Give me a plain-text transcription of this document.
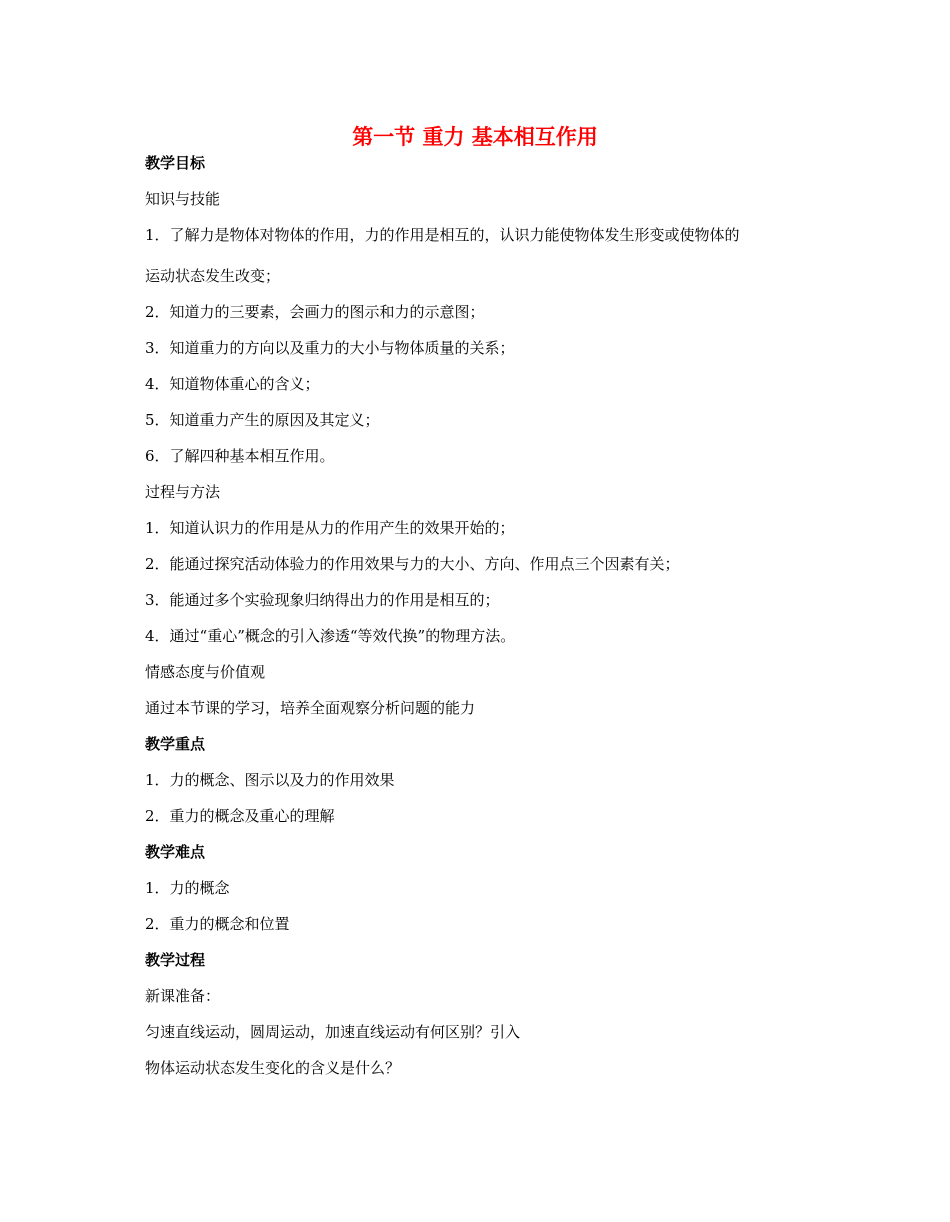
第一节 重力 基本相互作用
教学目标
知识与技能
1．了解力是物体对物体的作用，力的作用是相互的，认识力能使物体发生形变或使物体的
运动状态发生改变；
2．知道力的三要素，会画力的图示和力的示意图；
3．知道重力的方向以及重力的大小与物体质量的关系；
4．知道物体重心的含义；
5．知道重力产生的原因及其定义；
6．了解四种基本相互作用。
过程与方法
1．知道认识力的作用是从力的作用产生的效果开始的；
2．能通过探究活动体验力的作用效果与力的大小、方向、作用点三个因素有关；
3．能通过多个实验现象归纳得出力的作用是相互的；
4．通过“重心”概念的引入渗透“等效代换”的物理方法。
情感态度与价值观
通过本节课的学习，培养全面观察分析问题的能力
教学重点
1．力的概念、图示以及力的作用效果
2．重力的概念及重心的理解
教学难点
1．力的概念
2．重力的概念和位置
教学过程
新课准备：
匀速直线运动，圆周运动，加速直线运动有何区别？引入
物体运动状态发生变化的含义是什么？
